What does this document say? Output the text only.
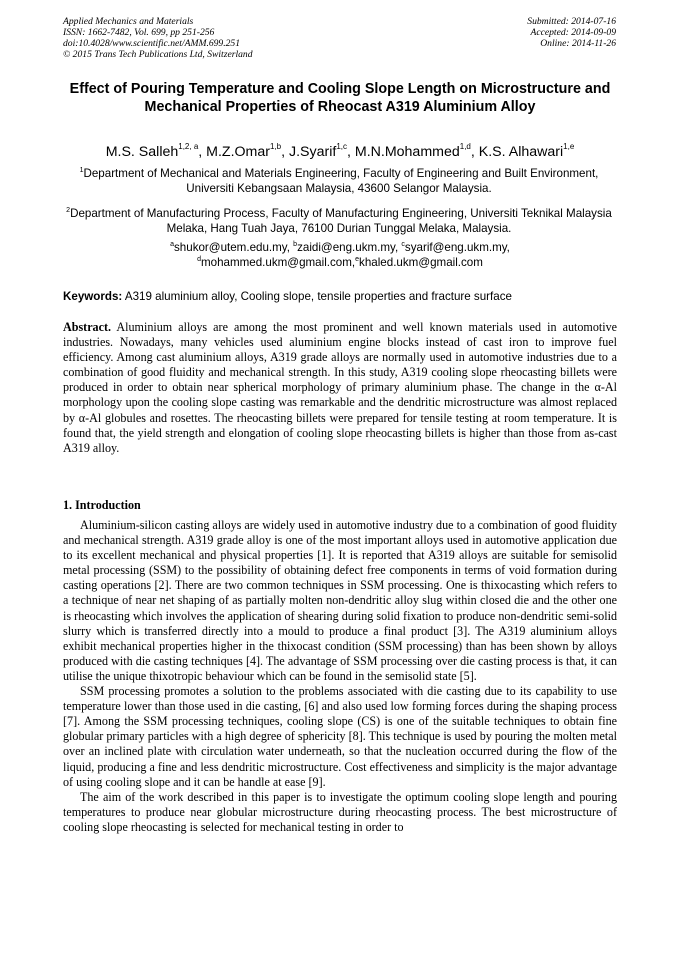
Applied Mechanics and Materials
ISSN: 1662-7482, Vol. 699, pp 251-256
doi:10.4028/www.scientific.net/AMM.699.251
© 2015 Trans Tech Publications Ltd, Switzerland
Submitted: 2014-07-16
Accepted: 2014-09-09
Online: 2014-11-26
Effect of Pouring Temperature and Cooling Slope Length on Microstructure and Mechanical Properties of Rheocast A319 Aluminium Alloy
M.S. Salleh$^{1,2, a}$, M.Z.Omar$^{1,b}$, J.Syarif$^{1,c}$, M.N.Mohammed$^{1,d}$, K.S. Alhawari$^{1,e}$
$^1$Department of Mechanical and Materials Engineering, Faculty of Engineering and Built Environment, Universiti Kebangsaan Malaysia, 43600 Selangor Malaysia.
$^2$Department of Manufacturing Process, Faculty of Manufacturing Engineering, Universiti Teknikal Malaysia Melaka, Hang Tuah Jaya, 76100 Durian Tunggal Melaka, Malaysia.
$^a$shukor@utem.edu.my, $^b$zaidi@eng.ukm.my, $^c$syarif@eng.ukm.my,
$^d$mohammed.ukm@gmail.com,$^e$khaled.ukm@gmail.com
Keywords: A319 aluminium alloy, Cooling slope, tensile properties and fracture surface
Abstract. Aluminium alloys are among the most prominent and well known materials used in automotive industries. Nowadays, many vehicles used aluminium engine blocks instead of cast iron to improve fuel efficiency. Among cast aluminium alloys, A319 grade alloys are normally used in automotive industries due to a combination of good fluidity and mechanical strength. In this study, A319 cooling slope rheocasting billets were produced in order to obtain near spherical morphology of primary aluminium phase. The change in the α-Al morphology upon the cooling slope casting was remarkable and the dendritic microstructure was almost replaced by α-Al globules and rosettes. The rheocasting billets were prepared for tensile testing at room temperature. It is found that, the yield strength and elongation of cooling slope rheocasting billets is higher than those from as-cast A319 alloy.
1. Introduction

Aluminium-silicon casting alloys are widely used in automotive industry due to a combination of good fluidity and mechanical strength. A319 grade alloy is one of the most important alloys used in automotive application due to its excellent mechanical and physical properties [1]. It is reported that A319 alloys are suitable for semisolid metal processing (SSM) to the possibility of obtaining defect free components in terms of void formation during casting operations [2]. There are two common techniques in SSM processing. One is thixocasting which refers to a technique of near net shaping of as partially molten non-dendritic alloy slug within closed die and the other one is rheocasting which involves the application of shearing during solid fixation to produce non-dendritic semi-solid slurry which is transferred directly into a mould to produce a final product [3]. The A319 aluminium alloys exhibit mechanical properties higher in the thixocast condition (SSM processing) than has been shown by alloys produced with die casting techniques [4]. The advantage of SSM processing over die casting process is that, it can utilise the unique thixotropic behaviour which can be found in the semisolid state [5].

SSM processing promotes a solution to the problems associated with die casting due to its capability to use temperature lower than those used in die casting, [6] and also used low forming forces during the shaping process [7]. Among the SSM processing techniques, cooling slope (CS) is one of the suitable techniques to obtain fine globular primary particles with a high degree of sphericity [8]. This technique is used by pouring the molten metal over an inclined plate with circulation water underneath, so that the nucleation occurred during the flow of the liquid, producing a fine and less dendritic microstructure. Cost effectiveness and simplicity is the major advantage of using cooling slope and it can be handle at ease [9].

The aim of the work described in this paper is to investigate the optimum cooling slope length and pouring temperatures to produce near globular microstructure during rheocasting process. The best microstructure of cooling slope rheocasting is selected for mechanical testing in order to
